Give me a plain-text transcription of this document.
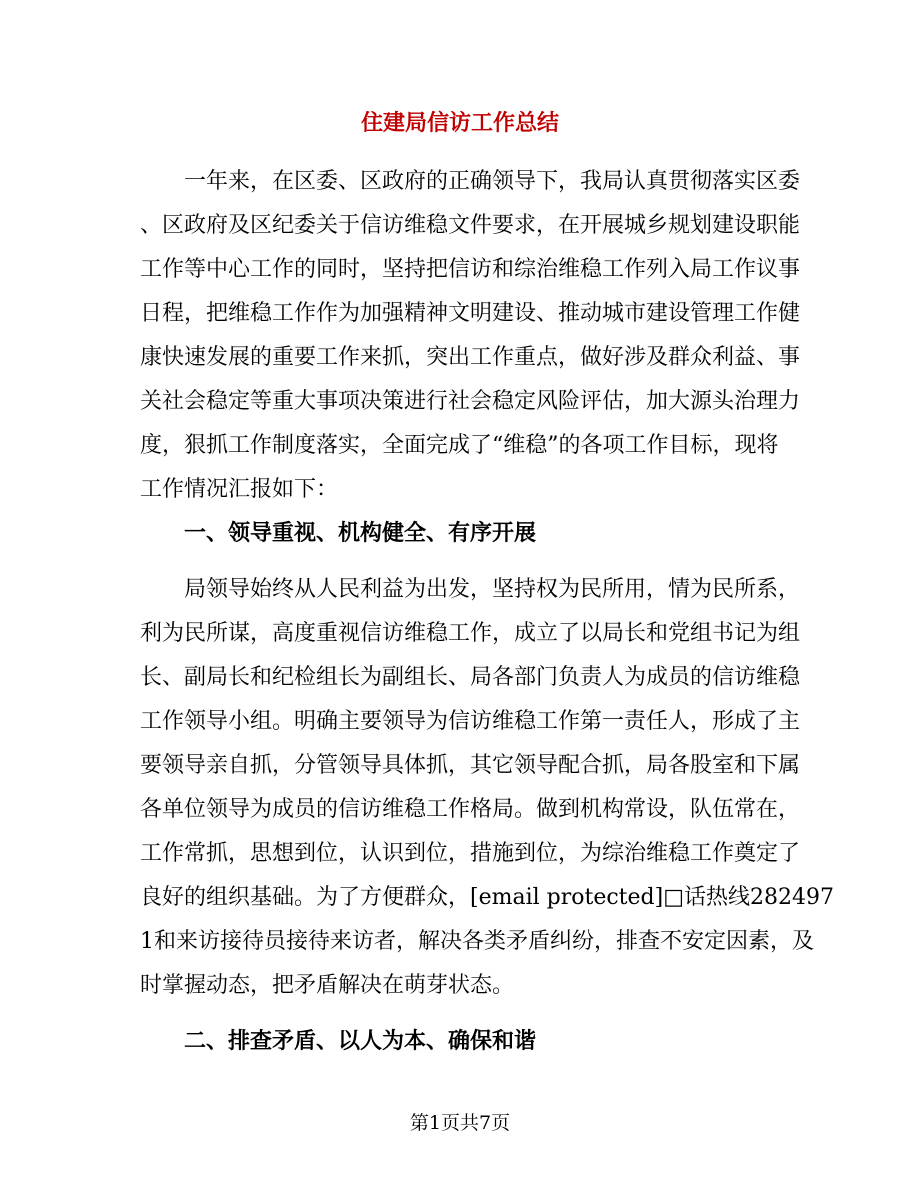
住建局信访工作总结
一年来，在区委、区政府的正确领导下，我局认真贯彻落实区委
、区政府及区纪委关于信访维稳文件要求，在开展城乡规划建设职能
工作等中心工作的同时，坚持把信访和综治维稳工作列入局工作议事
日程，把维稳工作作为加强精神文明建设、推动城市建设管理工作健
康快速发展的重要工作来抓，突出工作重点，做好涉及群众利益、事
关社会稳定等重大事项决策进行社会稳定风险评估，加大源头治理力
度，狠抓工作制度落实，全面完成了“维稳”的各项工作目标，现将
工作情况汇报如下：
一、领导重视、机构健全、有序开展
局领导始终从人民利益为出发，坚持权为民所用，情为民所系，
利为民所谋，高度重视信访维稳工作，成立了以局长和党组书记为组
长、副局长和纪检组长为副组长、局各部门负责人为成员的信访维稳
工作领导小组。明确主要领导为信访维稳工作第一责任人，形成了主
要领导亲自抓，分管领导具体抓，其它领导配合抓，局各股室和下属
各单位领导为成员的信访维稳工作格局。做到机构常设，队伍常在，
工作常抓，思想到位，认识到位，措施到位，为综治维稳工作奠定了
良好的组织基础。为了方便群众，[email protected]□话热线282497
1和来访接待员接待来访者，解决各类矛盾纠纷，排查不安定因素，及
时掌握动态，把矛盾解决在萌芽状态。
二、排查矛盾、以人为本、确保和谐
第1页共7页
